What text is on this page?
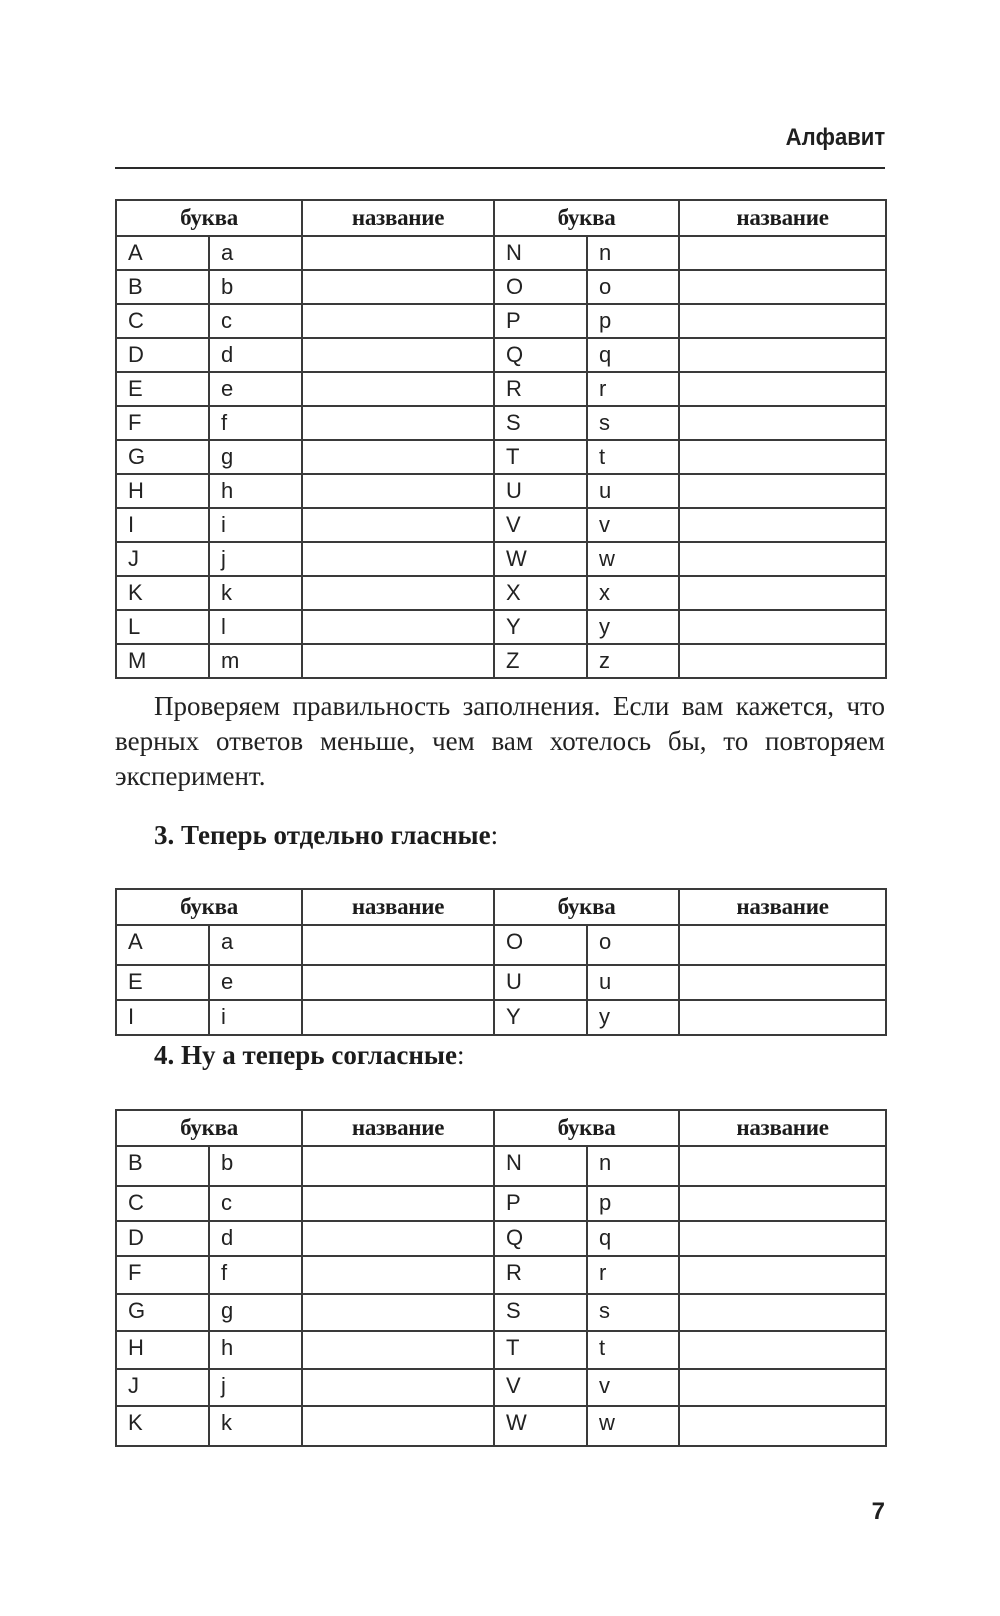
Алфавит
буква		название	буква		название
A	a		N	n	
B	b		O	o	
C	c		P	p	
D	d		Q	q	
E	e		R	r	
F	f		S	s	
G	g		T	t	
H	h		U	u	
I	i		V	v	
J	j		W	w	
K	k		X	x	
L	l		Y	y	
M	m		Z	z	

Проверяем правильность заполнения. Если вам кажется, что верных ответов меньше, чем вам хотелось бы, то повторяем эксперимент.

3. Теперь отдельно гласные:

буква		название	буква		название
A	a		O	o	
E	e		U	u	
I	i		Y	y	

4. Ну а теперь согласные:

буква		название	буква		название
B	b		N	n	
C	c		P	p	
D	d		Q	q	
F	f		R	r	
G	g		S	s	
H	h		T	t	
J	j		V	v	
K	k		W	w	
7
